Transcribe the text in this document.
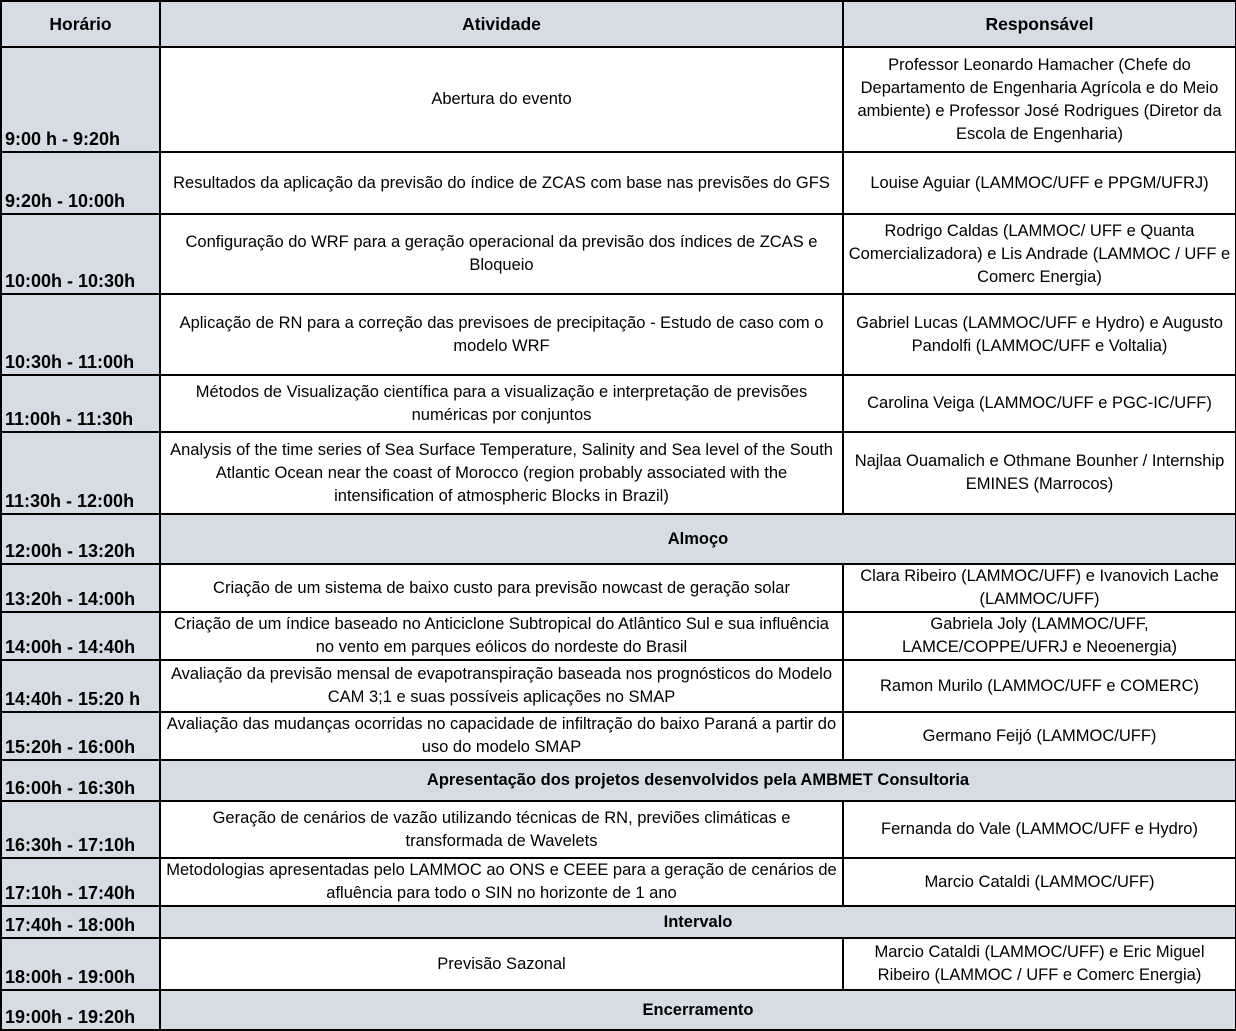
Horário	Atividade	Responsável
9:00 h - 9:20h	Abertura do evento	Professor Leonardo Hamacher (Chefe do Departamento de Engenharia Agrícola e do Meio ambiente) e Professor José Rodrigues (Diretor da Escola de Engenharia)
9:20h - 10:00h	Resultados da aplicação da previsão do índice de ZCAS com base nas previsões do GFS	Louise Aguiar (LAMMOC/UFF e PPGM/UFRJ)
10:00h - 10:30h	Configuração do WRF para a geração operacional da previsão dos índices de ZCAS e Bloqueio	Rodrigo Caldas (LAMMOC/ UFF e Quanta Comercializadora) e Lis Andrade (LAMMOC / UFF e Comerc Energia)
10:30h - 11:00h	Aplicação de RN para a correção das previsoes de precipitação - Estudo de caso com o modelo WRF	Gabriel Lucas (LAMMOC/UFF e Hydro) e Augusto Pandolfi (LAMMOC/UFF e Voltalia)
11:00h - 11:30h	Métodos de Visualização científica para a visualização e interpretação de previsões numéricas por conjuntos	Carolina Veiga (LAMMOC/UFF e PGC-IC/UFF)
11:30h - 12:00h	Analysis of the time series of Sea Surface Temperature, Salinity and Sea level of the South Atlantic Ocean near the coast of Morocco (region probably associated with the intensification of atmospheric Blocks in Brazil)	Najlaa Ouamalich e Othmane Bounher / Internship EMINES (Marrocos)
12:00h - 13:20h	Almoço	
13:20h - 14:00h	Criação de um sistema de baixo custo para previsão nowcast de geração solar	Clara Ribeiro (LAMMOC/UFF) e Ivanovich Lache (LAMMOC/UFF)
14:00h - 14:40h	Criação de um índice baseado no Anticiclone Subtropical do Atlântico Sul e sua influência no vento em parques eólicos do nordeste do Brasil	Gabriela Joly (LAMMOC/UFF, LAMCE/COPPE/UFRJ e Neoenergia)
14:40h - 15:20 h	Avaliação da previsão mensal de evapotranspiração baseada nos prognósticos do Modelo CAM 3;1 e suas possíveis aplicações no SMAP	Ramon Murilo (LAMMOC/UFF e COMERC)
15:20h - 16:00h	Avaliação das mudanças ocorridas no capacidade de infiltração do baixo Paraná a partir do uso do modelo SMAP	Germano Feijó (LAMMOC/UFF)
16:00h - 16:30h	Apresentação dos projetos desenvolvidos pela AMBMET Consultoria	
16:30h - 17:10h	Geração de cenários de vazão utilizando técnicas de RN, previões climáticas e transformada de Wavelets	Fernanda do Vale (LAMMOC/UFF e Hydro)
17:10h - 17:40h	Metodologias apresentadas pelo LAMMOC ao ONS e CEEE para a geração de cenários de afluência para todo o SIN no horizonte de 1 ano	Marcio Cataldi (LAMMOC/UFF)
17:40h - 18:00h	Intervalo	
18:00h - 19:00h	Previsão Sazonal	Marcio Cataldi (LAMMOC/UFF) e Eric Miguel Ribeiro (LAMMOC / UFF e Comerc Energia)
19:00h - 19:20h	Encerramento	
